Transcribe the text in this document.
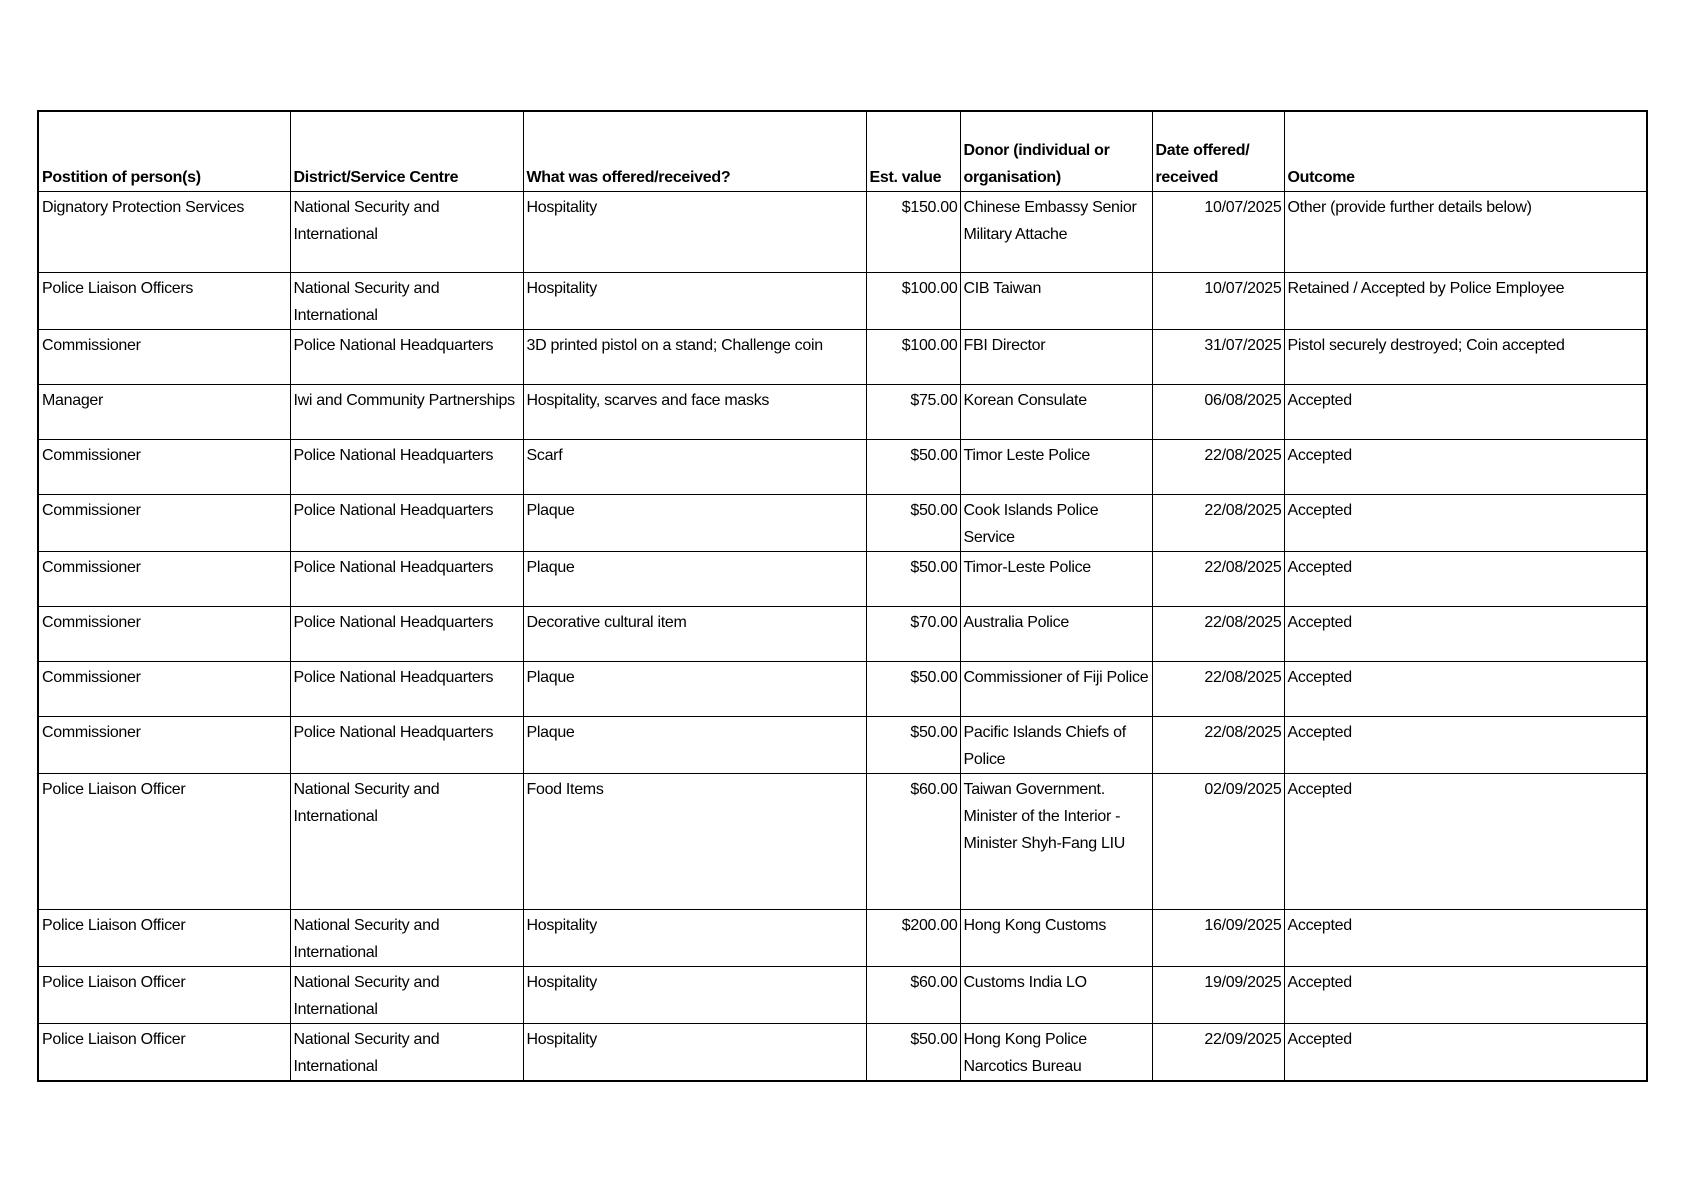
Postition of person(s)	District/Service Centre	What was offered/received?	Est. value	Donor (individual or organisation)	Date offered/ received	Outcome
Dignatory Protection Services	National Security and International	Hospitality	$150.00	Chinese Embassy Senior Military Attache	10/07/2025	Other (provide further details below)
Police Liaison Officers	National Security and International	Hospitality	$100.00	CIB Taiwan	10/07/2025	Retained / Accepted by Police Employee
Commissioner	Police National Headquarters	3D printed pistol on a stand; Challenge coin	$100.00	FBI Director	31/07/2025	Pistol securely destroyed; Coin accepted
Manager	Iwi and Community Partnerships	Hospitality, scarves and face masks	$75.00	Korean Consulate	06/08/2025	Accepted
Commissioner	Police National Headquarters	Scarf	$50.00	Timor Leste Police	22/08/2025	Accepted
Commissioner	Police National Headquarters	Plaque	$50.00	Cook Islands Police Service	22/08/2025	Accepted
Commissioner	Police National Headquarters	Plaque	$50.00	Timor-Leste Police	22/08/2025	Accepted
Commissioner	Police National Headquarters	Decorative cultural item	$70.00	Australia Police	22/08/2025	Accepted
Commissioner	Police National Headquarters	Plaque	$50.00	Commissioner of Fiji Police	22/08/2025	Accepted
Commissioner	Police National Headquarters	Plaque	$50.00	Pacific Islands Chiefs of Police	22/08/2025	Accepted
Police Liaison Officer	National Security and International	Food Items	$60.00	Taiwan Government. Minister of the Interior - Minister Shyh-Fang LIU	02/09/2025	Accepted
Police Liaison Officer	National Security and International	Hospitality	$200.00	Hong Kong Customs	16/09/2025	Accepted
Police Liaison Officer	National Security and International	Hospitality	$60.00	Customs India LO	19/09/2025	Accepted
Police Liaison Officer	National Security and International	Hospitality	$50.00	Hong Kong Police Narcotics Bureau	22/09/2025	Accepted
